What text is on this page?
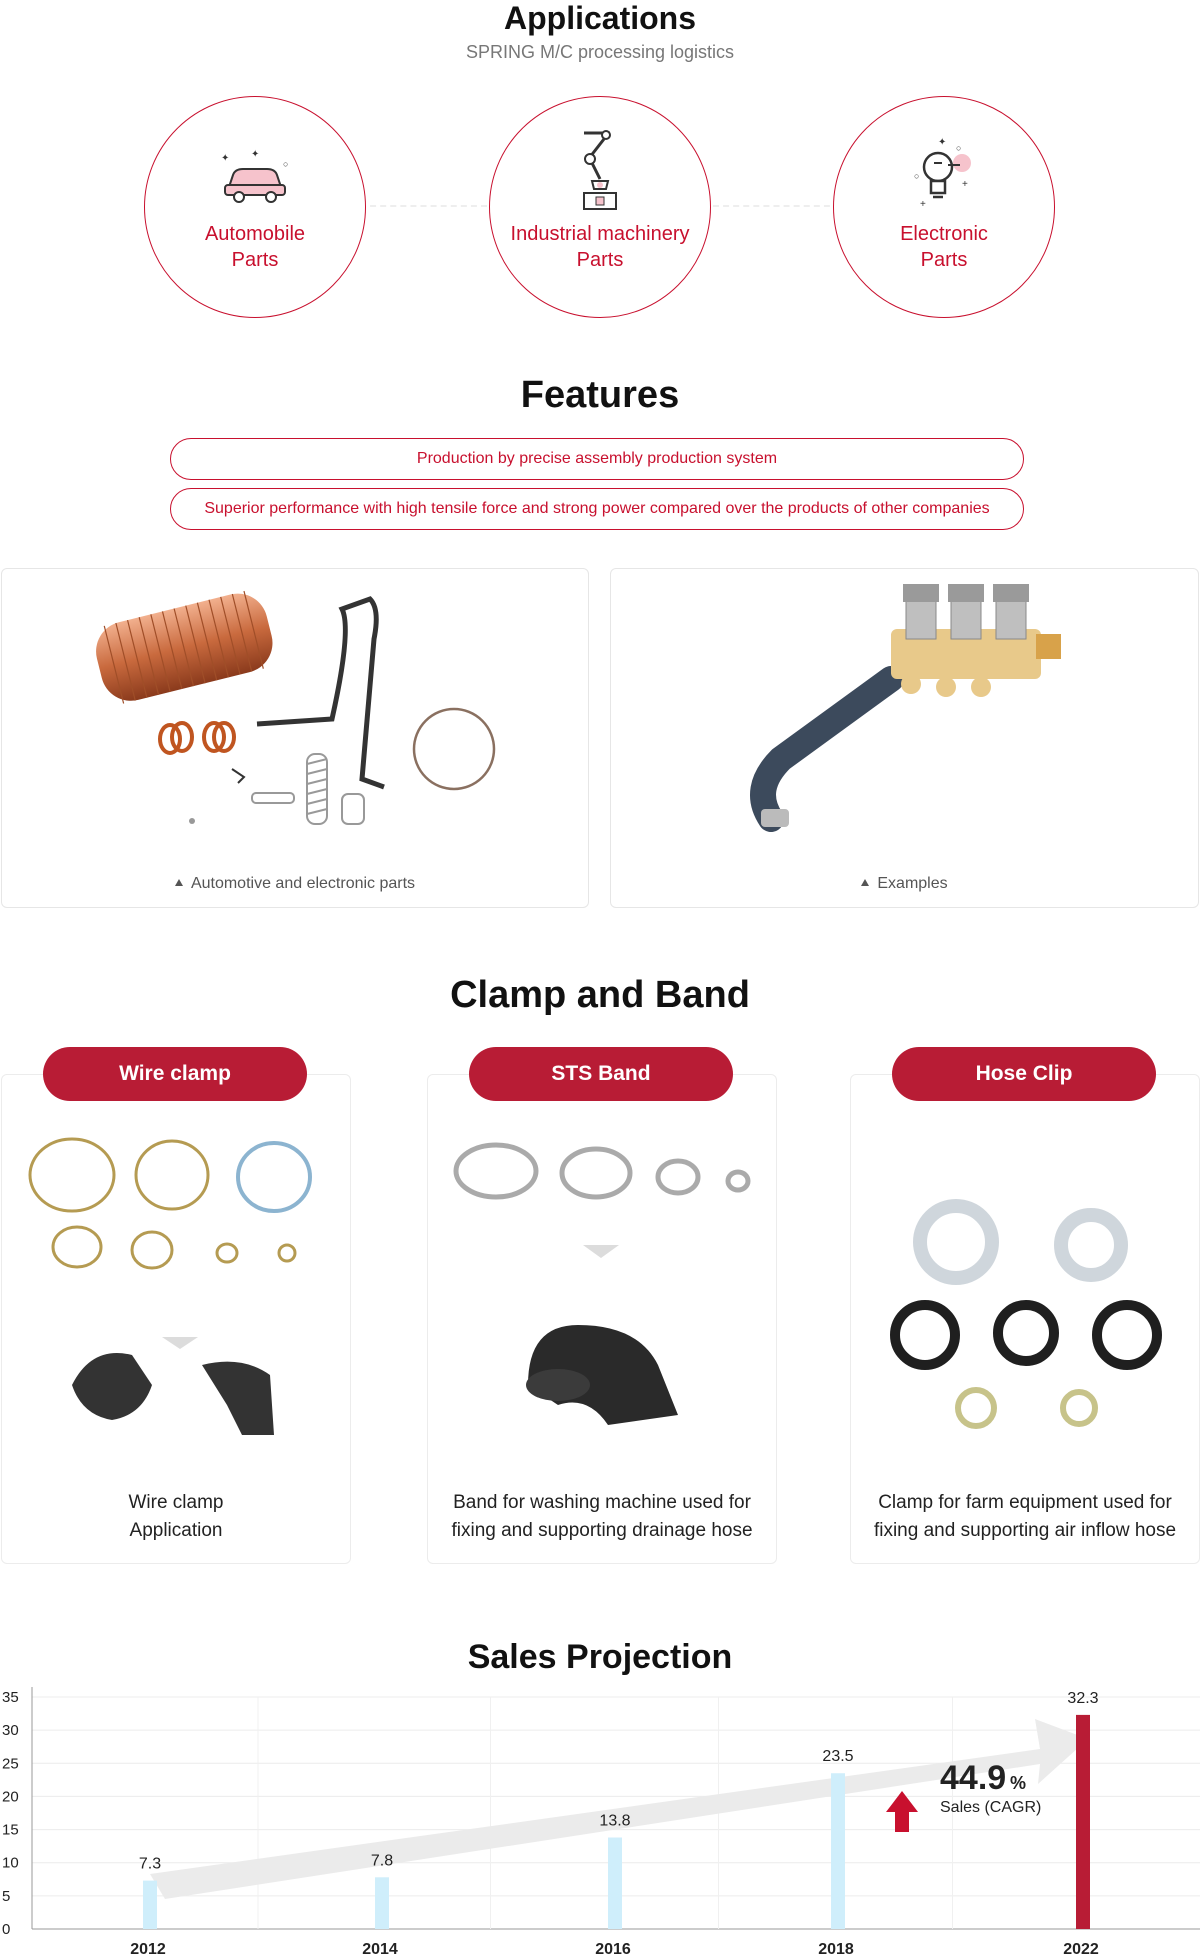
Applications
SPRING M/C processing logistics
✦ ✦
○
Automobile
Parts
Industrial machinery
Parts
✦ ○
○
+
+
Electronic
Parts
Features
Production by precise assembly production system
Superior performance with high tensile force and strong power compared over the products of other companies
Automotive and electronic parts	Examples
Clamp and Band
Wire clamp
Application
Wire clamp
Band for washing machine used for
fixing and supporting drainage hose
STS Band
Clamp for farm equipment used for
fixing and supporting air inflow hose
Hose Clip
Sales Projection
0
5
10
15
20
25
30
35
2012	2014	2016	2018	2022
7.3	7.8
13.8
23.5
32.3
44.9 %
Sales (CAGR)
